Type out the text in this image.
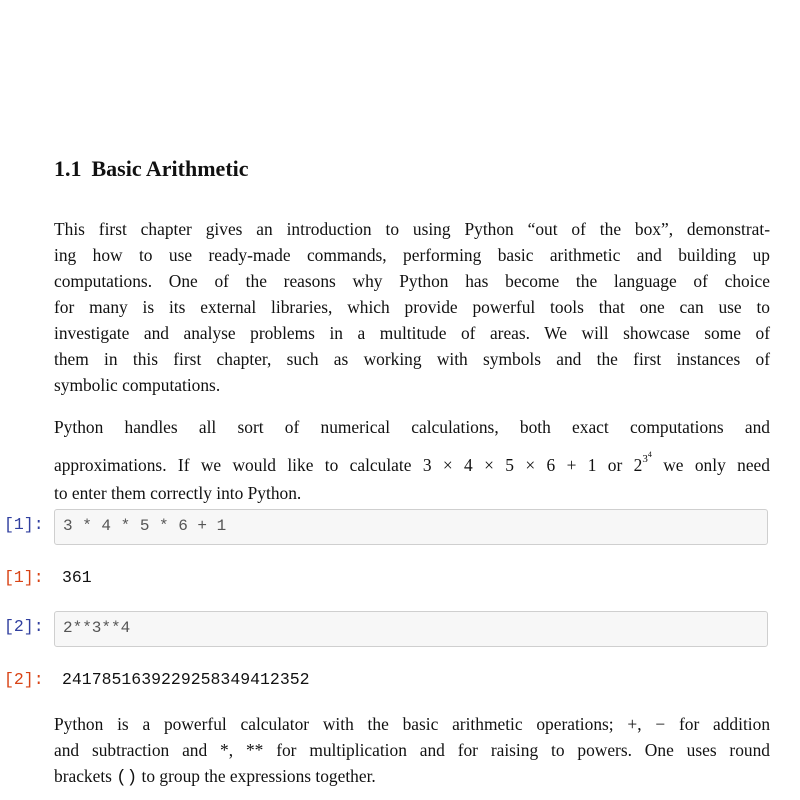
1.1 Basic Arithmetic
This first chapter gives an introduction to using Python “out of the box”, demonstrat-
ing how to use ready-made commands, performing basic arithmetic and building up
computations. One of the reasons why Python has become the language of choice
for many is its external libraries, which provide powerful tools that one can use to
investigate and analyse problems in a multitude of areas. We will showcase some of
them in this first chapter, such as working with symbols and the first instances of
symbolic computations.
Python handles all sort of numerical calculations, both exact computations and
approximations. If we would like to calculate 3 × 4 × 5 × 6 + 1 or $2^{3^4}$ we only need
to enter them correctly into Python.
[1]: 3 * 4 * 5 * 6 + 1
[1]: 361
[2]: 2**3**4
[2]: 2417851639229258349412352
Python is a powerful calculator with the basic arithmetic operations; +, − for addition
and subtraction and *, ** for multiplication and for raising to powers. One uses round
brackets () to group the expressions together.
